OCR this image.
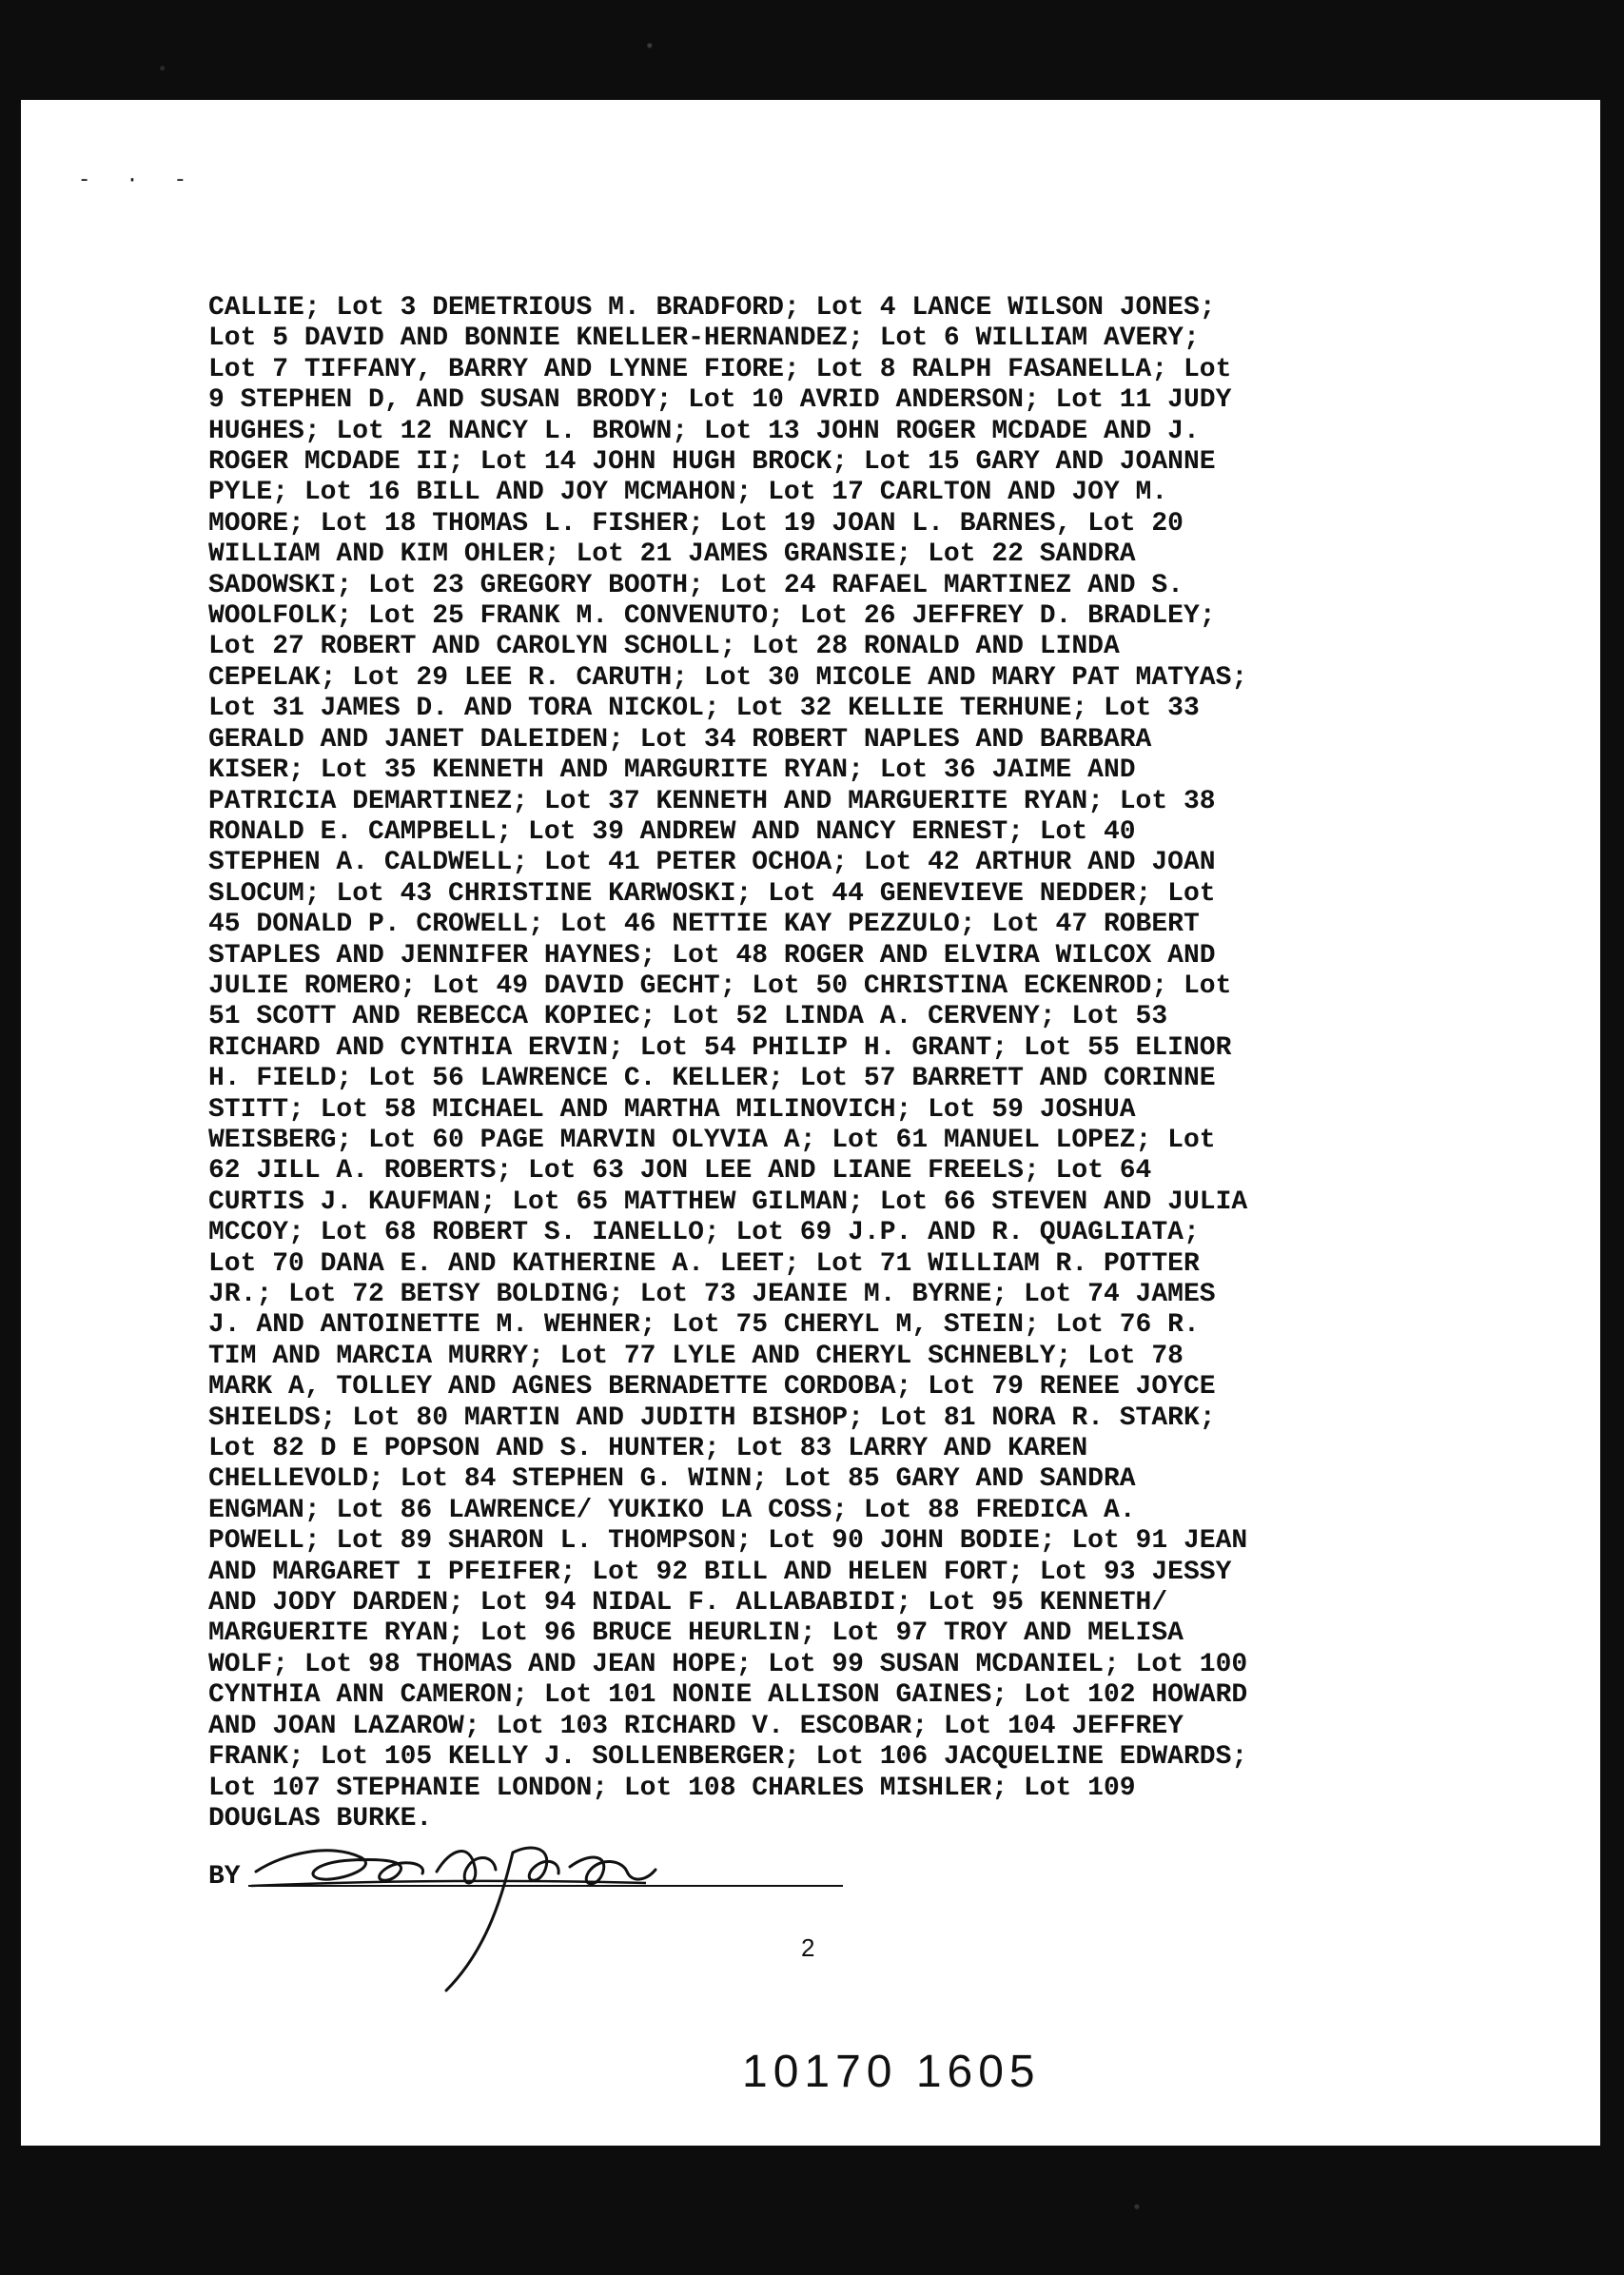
‐ · ‐
CALLIE; Lot 3 DEMETRIOUS M. BRADFORD; Lot 4 LANCE WILSON JONES;
Lot 5 DAVID AND BONNIE KNELLER-HERNANDEZ; Lot 6 WILLIAM AVERY;
Lot 7 TIFFANY, BARRY AND LYNNE FIORE; Lot 8 RALPH FASANELLA; Lot
9 STEPHEN D, AND SUSAN BRODY; Lot 10 AVRID ANDERSON; Lot 11 JUDY
HUGHES; Lot 12 NANCY L. BROWN; Lot 13 JOHN ROGER MCDADE AND J.
ROGER MCDADE II; Lot 14 JOHN HUGH BROCK; Lot 15 GARY AND JOANNE
PYLE; Lot 16 BILL AND JOY MCMAHON; Lot 17 CARLTON AND JOY M.
MOORE; Lot 18 THOMAS L. FISHER; Lot 19 JOAN L. BARNES, Lot 20
WILLIAM AND KIM OHLER; Lot 21 JAMES GRANSIE; Lot 22 SANDRA
SADOWSKI; Lot 23 GREGORY BOOTH; Lot 24 RAFAEL MARTINEZ AND S.
WOOLFOLK; Lot 25 FRANK M. CONVENUTO; Lot 26 JEFFREY D. BRADLEY;
Lot 27 ROBERT AND CAROLYN SCHOLL; Lot 28 RONALD AND LINDA
CEPELAK; Lot 29 LEE R. CARUTH; Lot 30 MICOLE AND MARY PAT MATYAS;
Lot 31 JAMES D. AND TORA NICKOL; Lot 32 KELLIE TERHUNE; Lot 33
GERALD AND JANET DALEIDEN; Lot 34 ROBERT NAPLES AND BARBARA
KISER; Lot 35 KENNETH AND MARGURITE RYAN; Lot 36 JAIME AND
PATRICIA DEMARTINEZ; Lot 37 KENNETH AND MARGUERITE RYAN; Lot 38
RONALD E. CAMPBELL; Lot 39 ANDREW AND NANCY ERNEST; Lot 40
STEPHEN A. CALDWELL; Lot 41 PETER OCHOA; Lot 42 ARTHUR AND JOAN
SLOCUM; Lot 43 CHRISTINE KARWOSKI; Lot 44 GENEVIEVE NEDDER; Lot
45 DONALD P. CROWELL; Lot 46 NETTIE KAY PEZZULO; Lot 47 ROBERT
STAPLES AND JENNIFER HAYNES; Lot 48 ROGER AND ELVIRA WILCOX AND
JULIE ROMERO; Lot 49 DAVID GECHT; Lot 50 CHRISTINA ECKENROD; Lot
51 SCOTT AND REBECCA KOPIEC; Lot 52 LINDA A. CERVENY; Lot 53
RICHARD AND CYNTHIA ERVIN; Lot 54 PHILIP H. GRANT; Lot 55 ELINOR
H. FIELD; Lot 56 LAWRENCE C. KELLER; Lot 57 BARRETT AND CORINNE
STITT; Lot 58 MICHAEL AND MARTHA MILINOVICH; Lot 59 JOSHUA
WEISBERG; Lot 60 PAGE MARVIN OLYVIA A; Lot 61 MANUEL LOPEZ; Lot
62 JILL A. ROBERTS; Lot 63 JON LEE AND LIANE FREELS; Lot 64
CURTIS J. KAUFMAN; Lot 65 MATTHEW GILMAN; Lot 66 STEVEN AND JULIA
MCCOY; Lot 68 ROBERT S. IANELLO; Lot 69 J.P. AND R. QUAGLIATA;
Lot 70 DANA E. AND KATHERINE A. LEET; Lot 71 WILLIAM R. POTTER
JR.; Lot 72 BETSY BOLDING; Lot 73 JEANIE M. BYRNE; Lot 74 JAMES
J. AND ANTOINETTE M. WEHNER; Lot 75 CHERYL M, STEIN; Lot 76 R.
TIM AND MARCIA MURRY; Lot 77 LYLE AND CHERYL SCHNEBLY; Lot 78
MARK A, TOLLEY AND AGNES BERNADETTE CORDOBA; Lot 79 RENEE JOYCE
SHIELDS; Lot 80 MARTIN AND JUDITH BISHOP; Lot 81 NORA R. STARK;
Lot 82 D E POPSON AND S. HUNTER; Lot 83 LARRY AND KAREN
CHELLEVOLD; Lot 84 STEPHEN G. WINN; Lot 85 GARY AND SANDRA
ENGMAN; Lot 86 LAWRENCE/ YUKIKO LA COSS; Lot 88 FREDICA A.
POWELL; Lot 89 SHARON L. THOMPSON; Lot 90 JOHN BODIE; Lot 91 JEAN
AND MARGARET I PFEIFER; Lot 92 BILL AND HELEN FORT; Lot 93 JESSY
AND JODY DARDEN; Lot 94 NIDAL F. ALLABABIDI; Lot 95 KENNETH/
MARGUERITE RYAN; Lot 96 BRUCE HEURLIN; Lot 97 TROY AND MELISA
WOLF; Lot 98 THOMAS AND JEAN HOPE; Lot 99 SUSAN MCDANIEL; Lot 100
CYNTHIA ANN CAMERON; Lot 101 NONIE ALLISON GAINES; Lot 102 HOWARD
AND JOAN LAZAROW; Lot 103 RICHARD V. ESCOBAR; Lot 104 JEFFREY
FRANK; Lot 105 KELLY J. SOLLENBERGER; Lot 106 JACQUELINE EDWARDS;
Lot 107 STEPHANIE LONDON; Lot 108 CHARLES MISHLER; Lot 109
DOUGLAS BURKE.
BY
2
10170 1605
